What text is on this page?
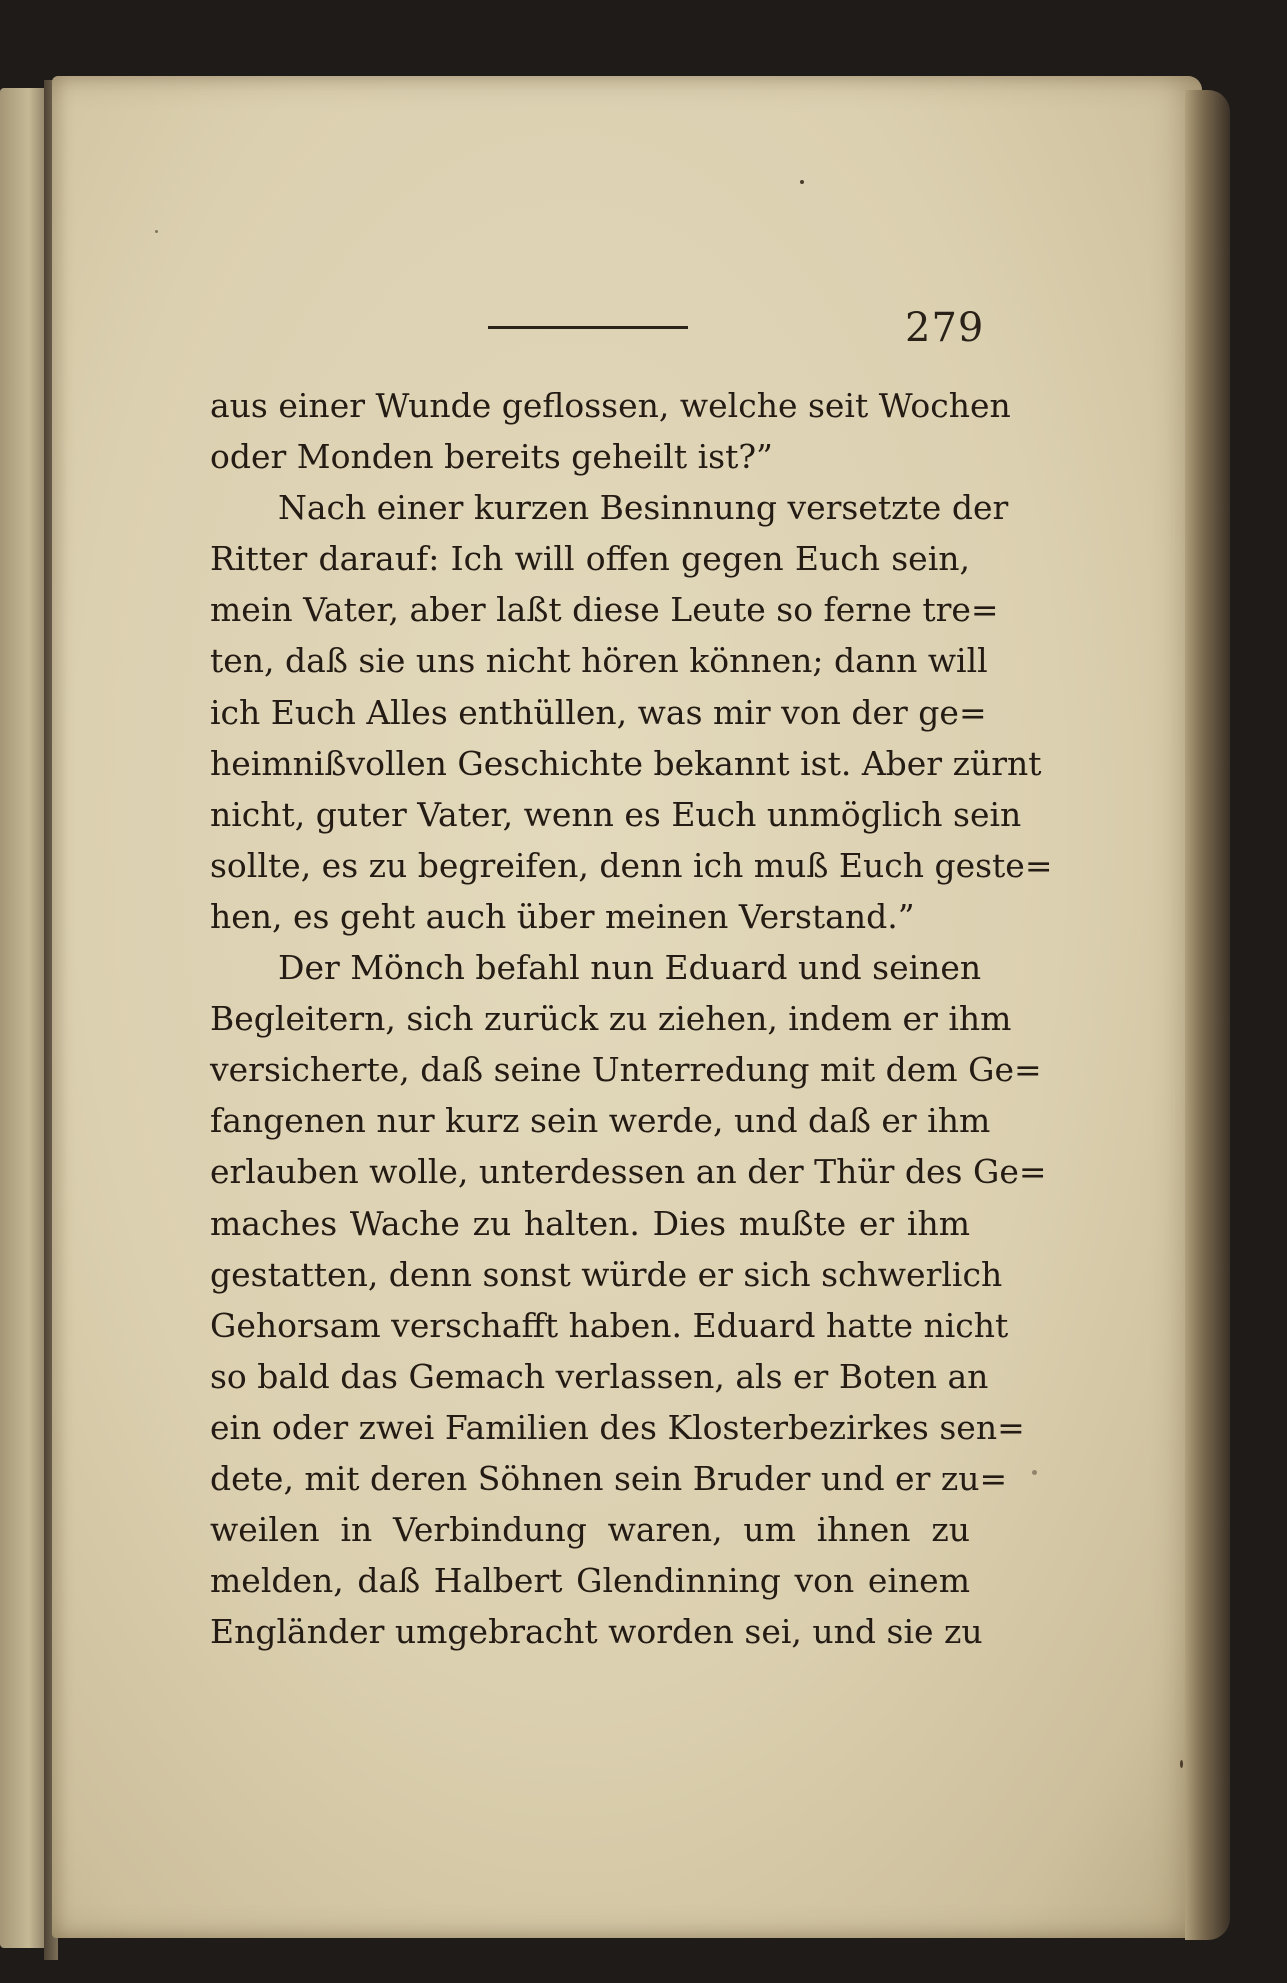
279
aus einer Wunde geflossen, welche seit Wochen
oder Monden bereits geheilt ist?”
Nach einer kurzen Besinnung versetzte der
Ritter darauf: Ich will offen gegen Euch sein,
mein Vater, aber laßt diese Leute so ferne tre=
ten, daß sie uns nicht hören können; dann will
ich Euch Alles enthüllen, was mir von der ge=
heimnißvollen Geschichte bekannt ist. Aber zürnt
nicht, guter Vater, wenn es Euch unmöglich sein
sollte, es zu begreifen, denn ich muß Euch geste=
hen, es geht auch über meinen Verstand.”
Der Mönch befahl nun Eduard und seinen
Begleitern, sich zurück zu ziehen, indem er ihm
versicherte, daß seine Unterredung mit dem Ge=
fangenen nur kurz sein werde, und daß er ihm
erlauben wolle, unterdessen an der Thür des Ge=
maches Wache zu halten. Dies mußte er ihm
gestatten, denn sonst würde er sich schwerlich
Gehorsam verschafft haben. Eduard hatte nicht
so bald das Gemach verlassen, als er Boten an
ein oder zwei Familien des Klosterbezirkes sen=
dete, mit deren Söhnen sein Bruder und er zu=
weilen in Verbindung waren, um ihnen zu
melden, daß Halbert Glendinning von einem
Engländer umgebracht worden sei, und sie zu
